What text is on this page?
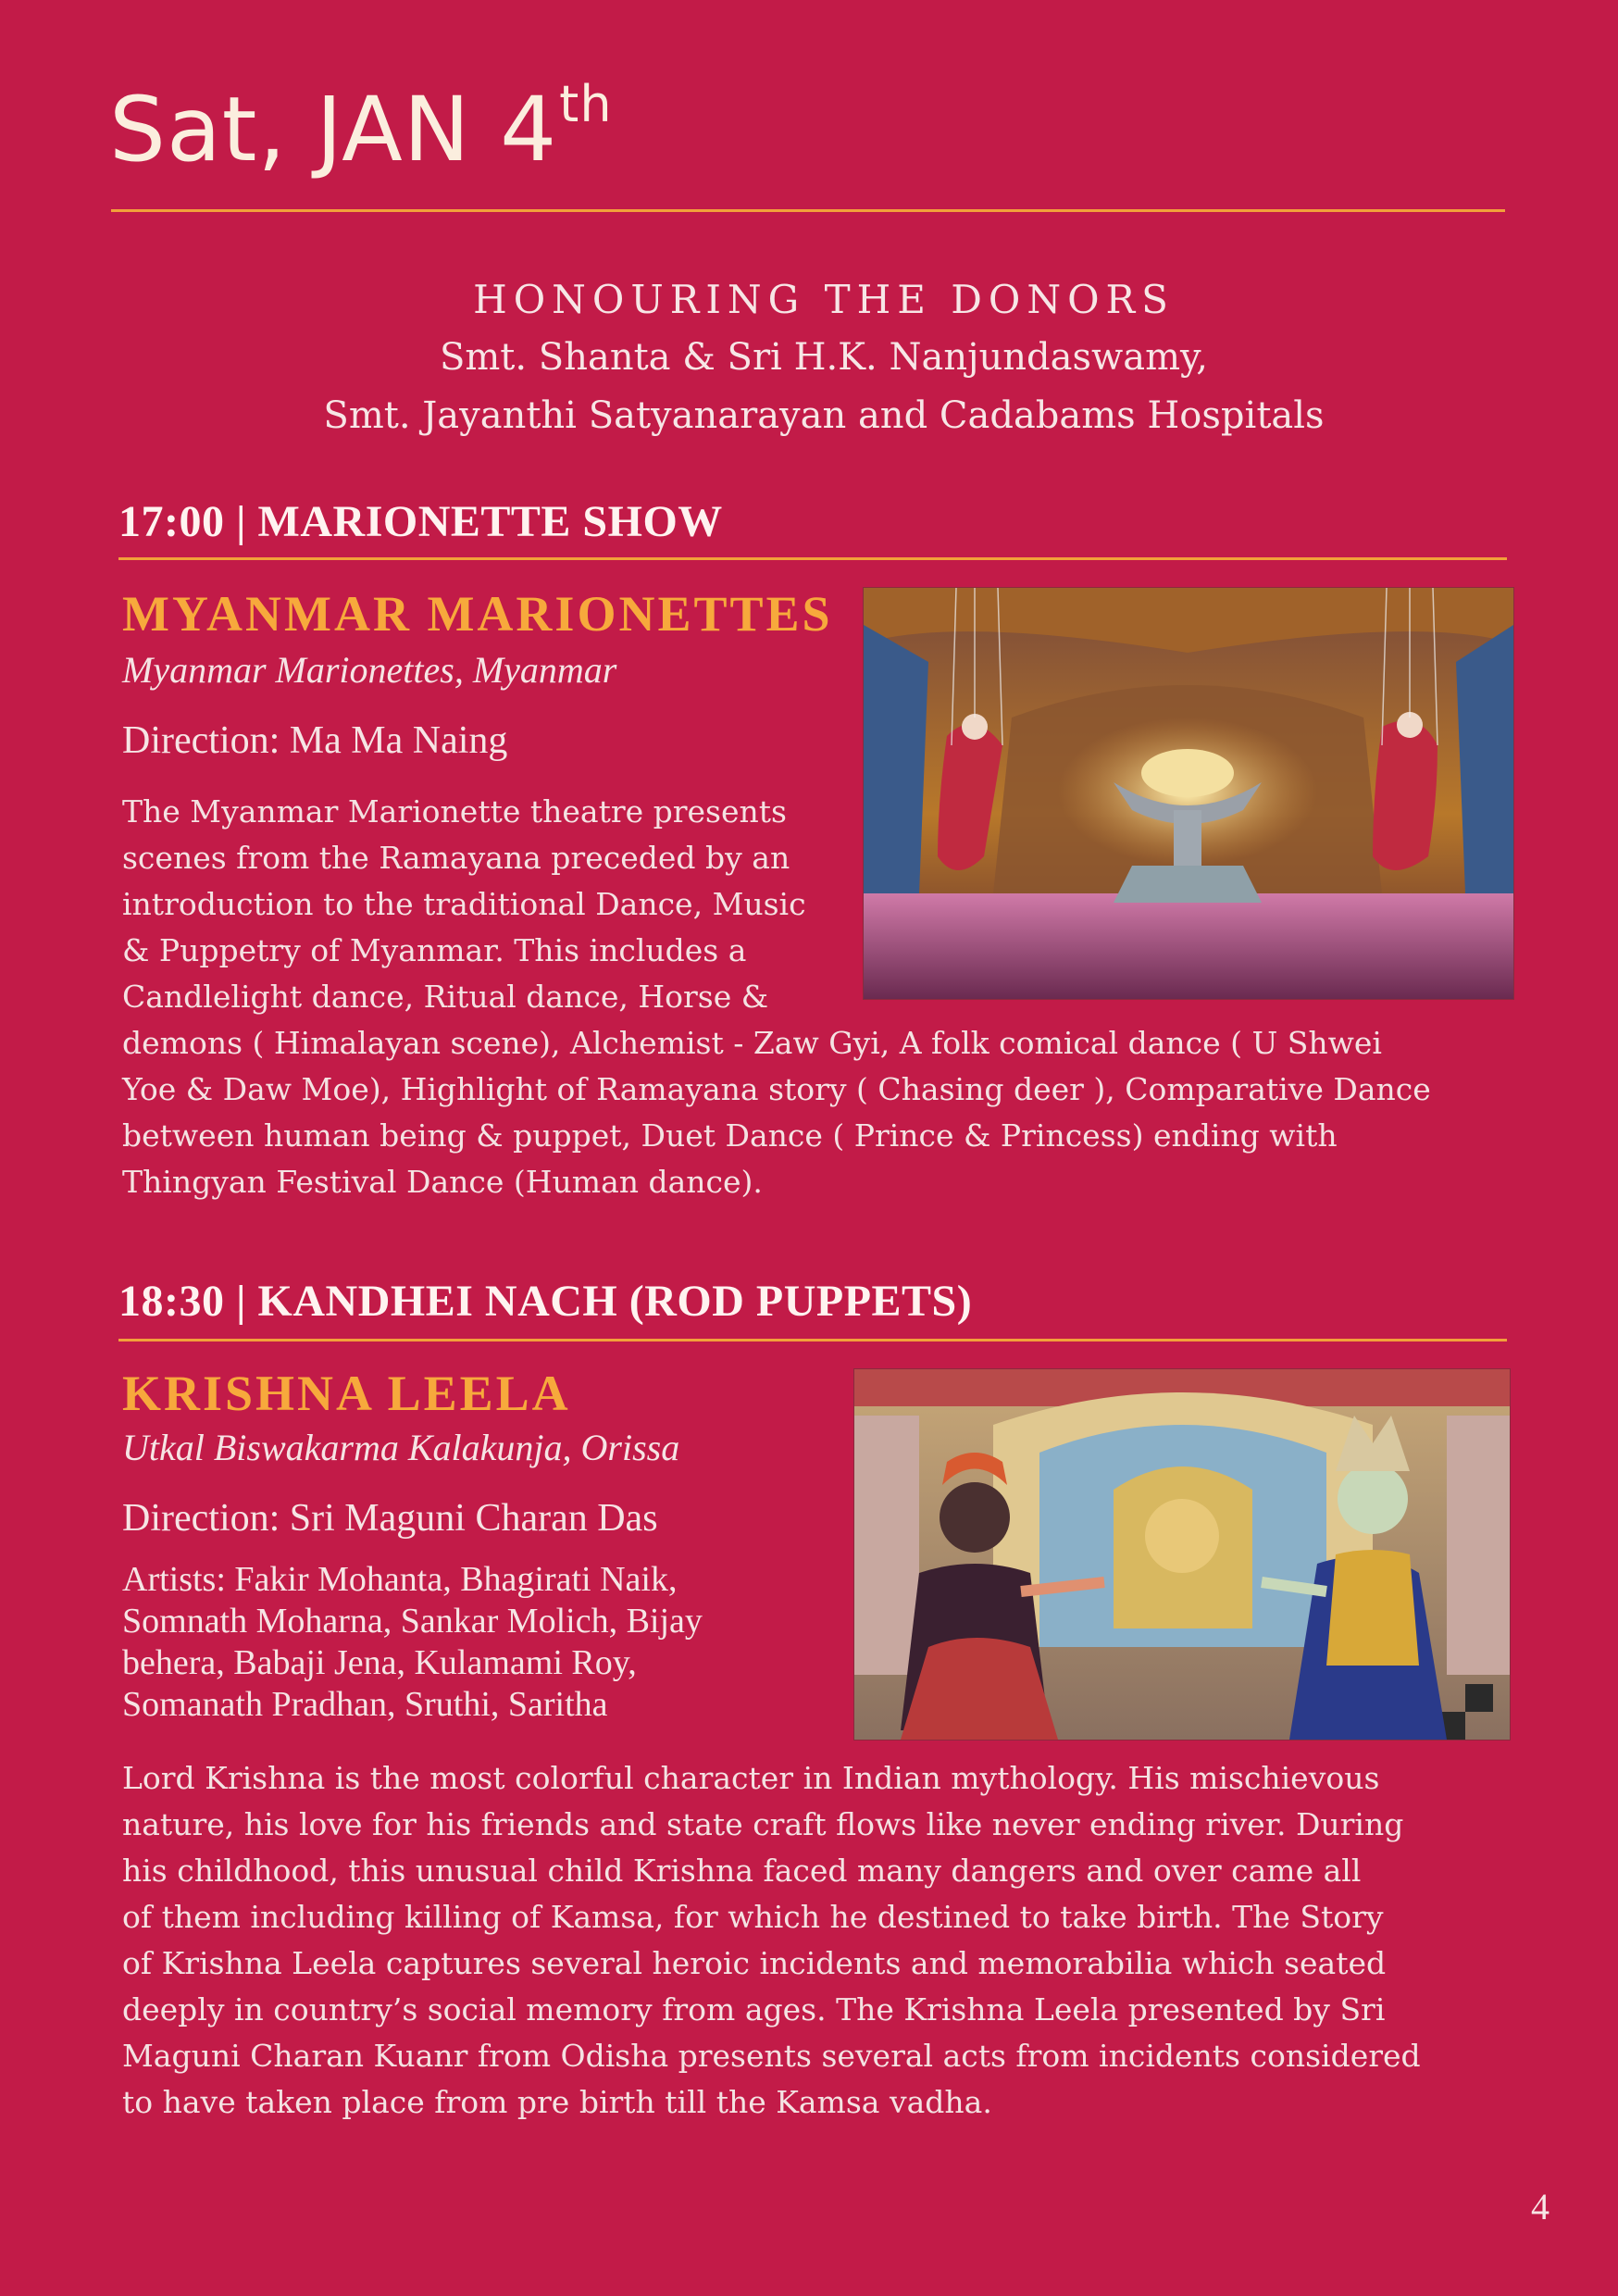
Sat, JAN 4th
HONOURING THE DONORS
Smt. Shanta & Sri H.K. Nanjundaswamy,
Smt. Jayanthi Satyanarayan and Cadabams Hospitals
17:00 | MARIONETTE SHOW
MYANMAR MARIONETTES
Myanmar Marionettes, Myanmar
Direction: Ma Ma Naing

The Myanmar Marionette theatre presents

scenes from the Ramayana preceded by an

introduction to the traditional Dance, Music

& Puppetry of Myanmar. This includes a

Candlelight dance, Ritual dance, Horse &

demons ( Himalayan scene), Alchemist - Zaw Gyi, A folk comical dance ( U Shwei

Yoe & Daw Moe), Highlight of Ramayana story ( Chasing deer ), Comparative Dance

between human being & puppet, Duet Dance ( Prince & Princess) ending with

Thingyan Festival Dance (Human dance).

18:30 | KANDHEI NACH (ROD PUPPETS)
KRISHNA LEELA
Utkal Biswakarma Kalakunja, Orissa
Direction: Sri Maguni Charan Das
Artists: Fakir Mohanta, Bhagirati Naik,
Somnath Moharna, Sankar Molich, Bijay
behera, Babaji Jena, Kulamami Roy,
Somanath Pradhan, Sruthi, Saritha

Lord Krishna is the most colorful character in Indian mythology. His mischievous

nature, his love for his friends and state craft flows like never ending river. During

his childhood, this unusual child Krishna faced many dangers and over came all

of them including killing of Kamsa, for which he destined to take birth. The Story

of Krishna Leela captures several heroic incidents and memorabilia which seated

deeply in country’s social memory from ages. The Krishna Leela presented by Sri

Maguni Charan Kuanr from Odisha presents several acts from incidents considered

to have taken place from pre birth till the Kamsa vadha.

4
